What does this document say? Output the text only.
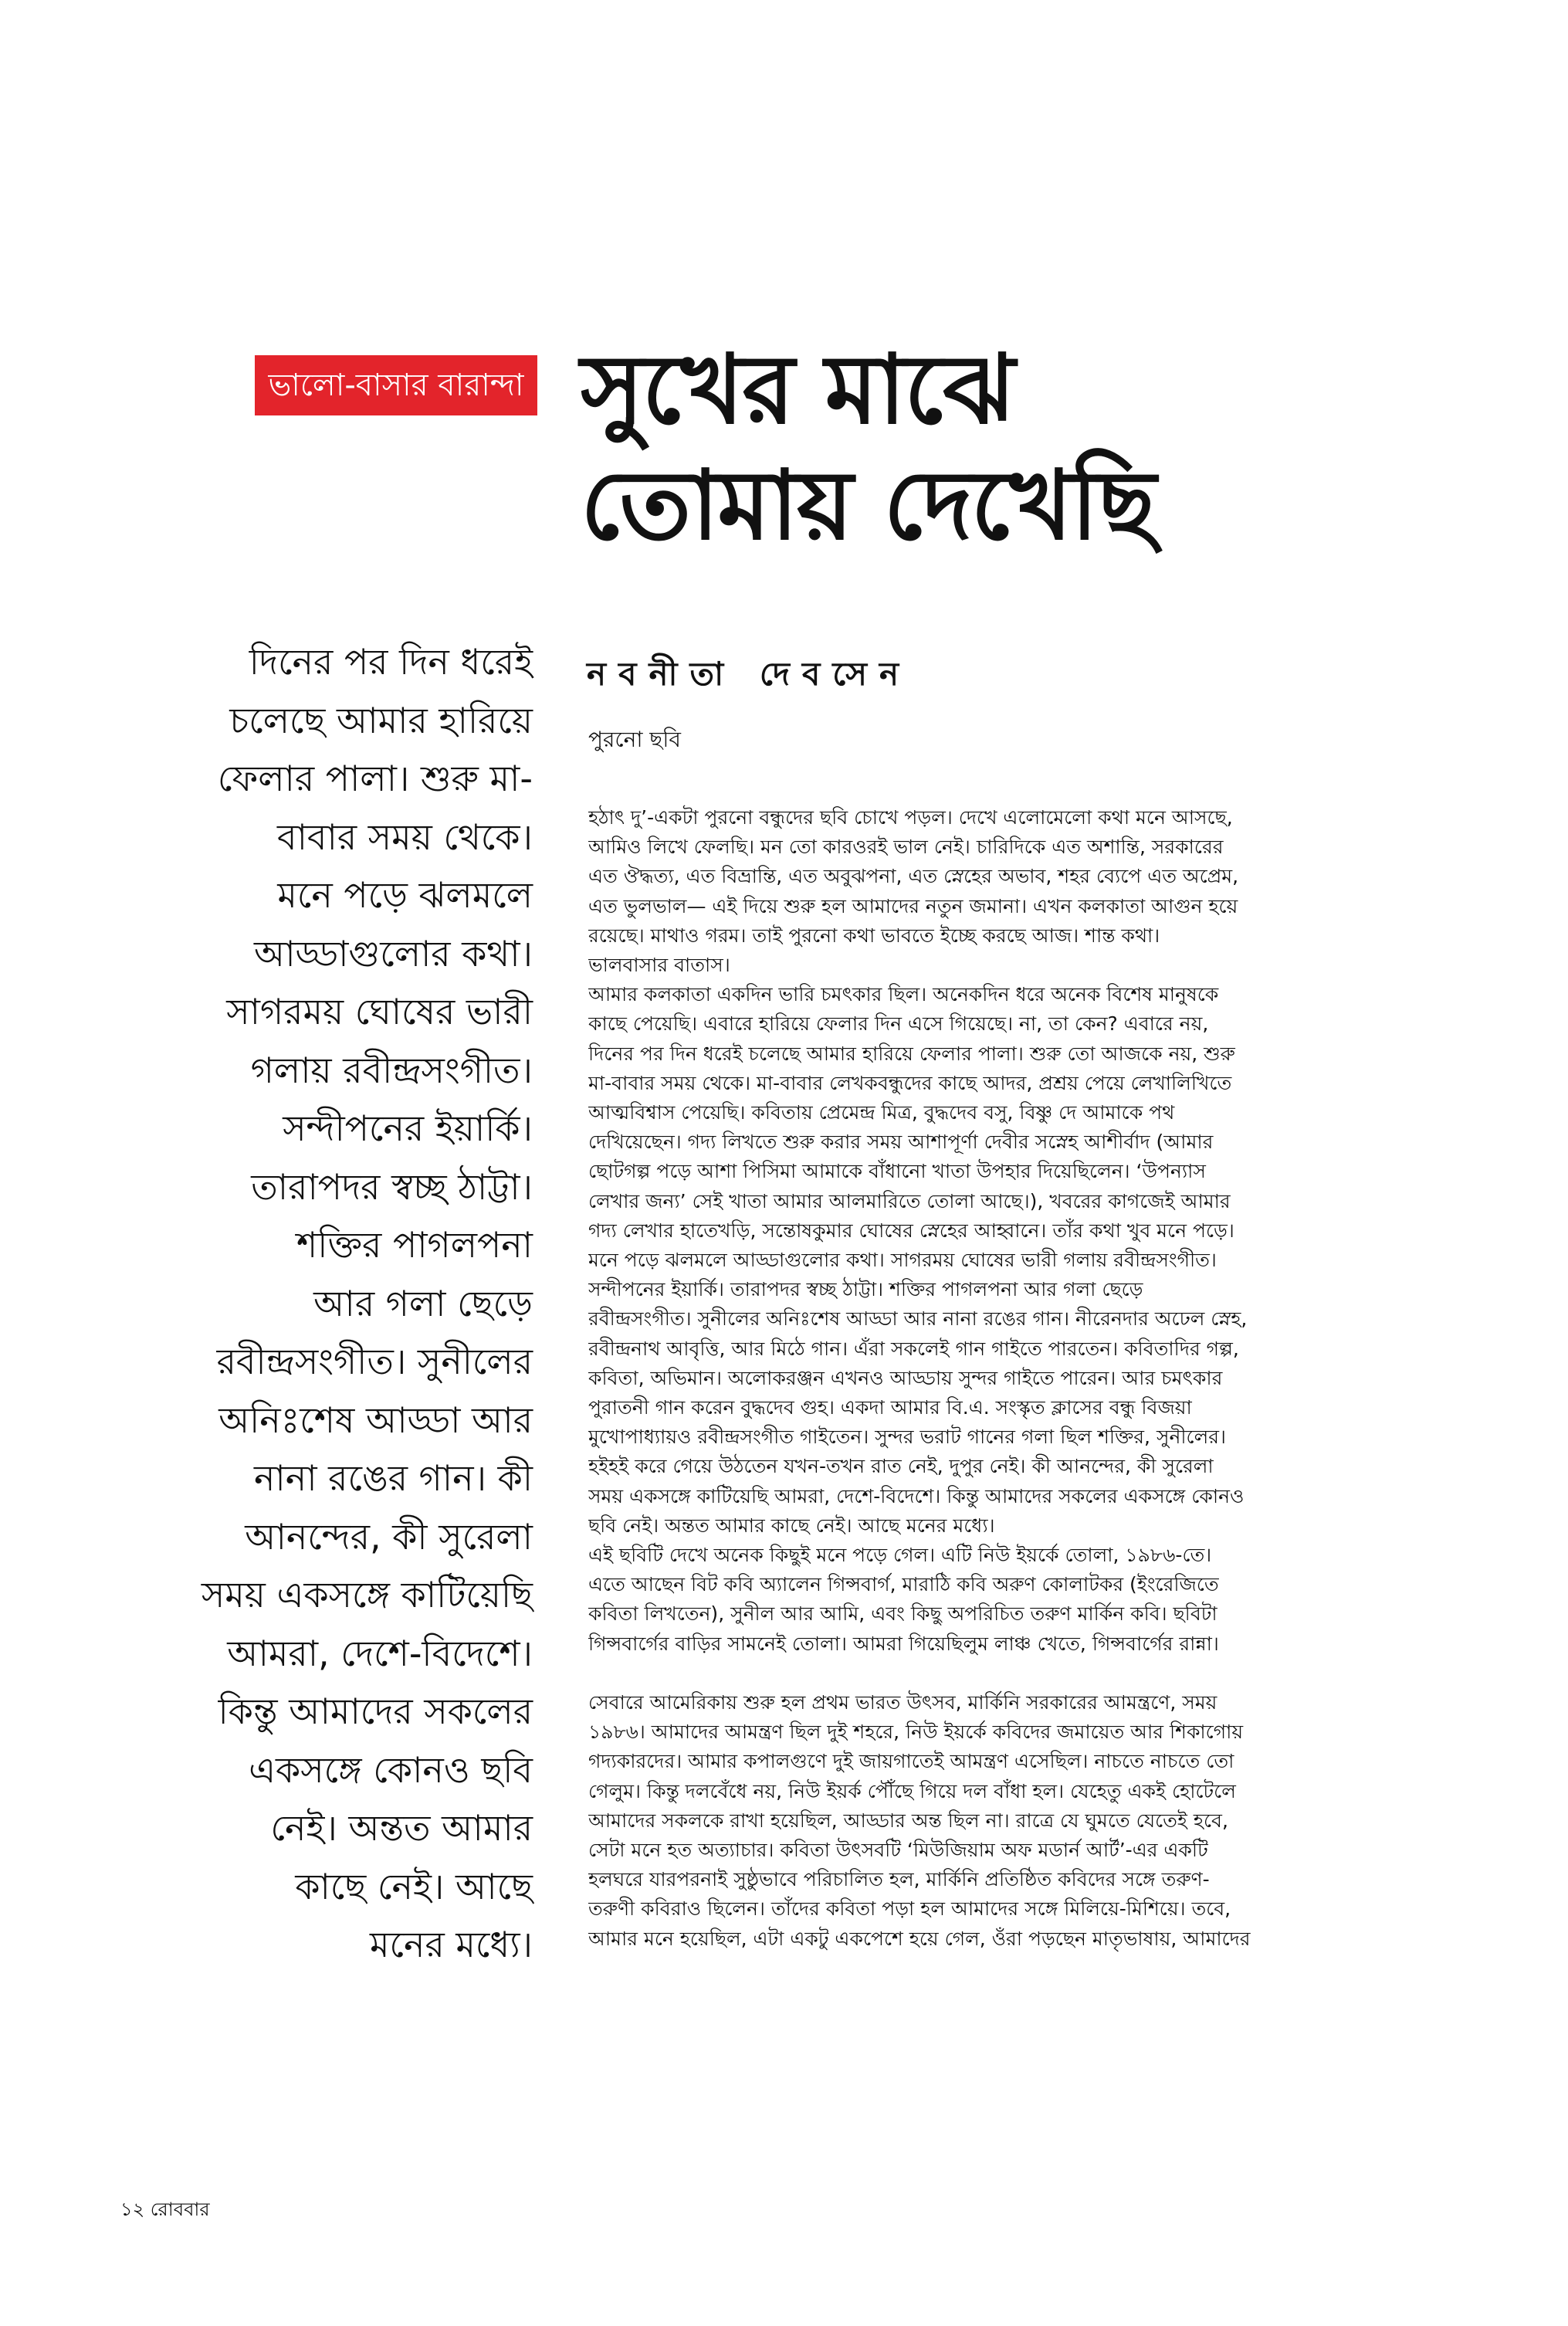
ভালো-বাসার বারান্দা সুখের মাঝে
তোমায় দেখেছি
দিনের পর দিন ধরেই
চলেছে আমার হারিয়ে
ফেলার পালা। শুরু মা-
বাবার সময় থেকে।
মনে পড়ে ঝলমলে
আড্ডাগুলোর কথা।
সাগরময় ঘোষের ভারী
গলায় রবীন্দ্রসংগীত।
সন্দীপনের ইয়ার্কি।
তারাপদর স্বচ্ছ ঠাট্টা।
শক্তির পাগলপনা
আর গলা ছেড়ে
রবীন্দ্রসংগীত। সুনীলের
অনিঃশেষ আড্ডা আর
নানা রঙের গান। কী
আনন্দের, কী সুরেলা
সময় একসঙ্গে কাটিয়েছি
আমরা, দেশে-বিদেশে।
কিন্তু আমাদের সকলের
একসঙ্গে কোনও ছবি
নেই। অন্তত আমার
কাছে নেই। আছে
মনের মধ্যে।
নবনীতা দেবসেন
পুরনো ছবি
হঠাৎ দু’-একটা পুরনো বন্ধুদের ছবি চোখে পড়ল। দেখে এলোমেলো কথা মনে আসছে,
আমিও লিখে ফেলছি। মন তো কারওরই ভাল নেই। চারিদিকে এত অশান্তি, সরকারের
এত ঔদ্ধত্য, এত বিভ্রান্তি, এত অবুঝপনা, এত স্নেহের অভাব, শহর ব্যেপে এত অপ্রেম,
এত ভুলভাল— এই দিয়ে শুরু হল আমাদের নতুন জমানা। এখন কলকাতা আগুন হয়ে
রয়েছে। মাথাও গরম। তাই পুরনো কথা ভাবতে ইচ্ছে করছে আজ। শান্ত কথা।
ভালবাসার বাতাস।
আমার কলকাতা একদিন ভারি চমৎকার ছিল। অনেকদিন ধরে অনেক বিশেষ মানুষকে
কাছে পেয়েছি। এবারে হারিয়ে ফেলার দিন এসে গিয়েছে। না, তা কেন? এবারে নয়,
দিনের পর দিন ধরেই চলেছে আমার হারিয়ে ফেলার পালা। শুরু তো আজকে নয়, শুরু
মা-বাবার সময় থেকে। মা-বাবার লেখকবন্ধুদের কাছে আদর, প্রশ্রয় পেয়ে লেখালিখিতে
আত্মবিশ্বাস পেয়েছি। কবিতায় প্রেমেন্দ্র মিত্র, বুদ্ধদেব বসু, বিষ্ণু দে আমাকে পথ
দেখিয়েছেন। গদ্য লিখতে শুরু করার সময় আশাপূর্ণা দেবীর সস্নেহ আশীর্বাদ (আমার
ছোটগল্প পড়ে আশা পিসিমা আমাকে বাঁধানো খাতা উপহার দিয়েছিলেন। ‘উপন্যাস
লেখার জন্য’ সেই খাতা আমার আলমারিতে তোলা আছে।), খবরের কাগজেই আমার
গদ্য লেখার হাতেখড়ি, সন্তোষকুমার ঘোষের স্নেহের আহ্বানে। তাঁর কথা খুব মনে পড়ে।
মনে পড়ে ঝলমলে আড্ডাগুলোর কথা। সাগরময় ঘোষের ভারী গলায় রবীন্দ্রসংগীত।
সন্দীপনের ইয়ার্কি। তারাপদর স্বচ্ছ ঠাট্টা। শক্তির পাগলপনা আর গলা ছেড়ে
রবীন্দ্রসংগীত। সুনীলের অনিঃশেষ আড্ডা আর নানা রঙের গান। নীরেনদার অঢেল স্নেহ,
রবীন্দ্রনাথ আবৃত্তি, আর মিঠে গান। এঁরা সকলেই গান গাইতে পারতেন। কবিতাদির গল্প,
কবিতা, অভিমান। অলোকরঞ্জন এখনও আড্ডায় সুন্দর গাইতে পারেন। আর চমৎকার
পুরাতনী গান করেন বুদ্ধদেব গুহ। একদা আমার বি.এ. সংস্কৃত ক্লাসের বন্ধু বিজয়া
মুখোপাধ্যায়ও রবীন্দ্রসংগীত গাইতেন। সুন্দর ভরাট গানের গলা ছিল শক্তির, সুনীলের।
হইহই করে গেয়ে উঠতেন যখন-তখন রাত নেই, দুপুর নেই। কী আনন্দের, কী সুরেলা
সময় একসঙ্গে কাটিয়েছি আমরা, দেশে-বিদেশে। কিন্তু আমাদের সকলের একসঙ্গে কোনও
ছবি নেই। অন্তত আমার কাছে নেই। আছে মনের মধ্যে।
এই ছবিটি দেখে অনেক কিছুই মনে পড়ে গেল। এটি নিউ ইয়র্কে তোলা, ১৯৮৬-তে।
এতে আছেন বিট কবি অ্যালেন গিন্সবার্গ, মারাঠি কবি অরুণ কোলাটকর (ইংরেজিতে
কবিতা লিখতেন), সুনীল আর আমি, এবং কিছু অপরিচিত তরুণ মার্কিন কবি। ছবিটা
গিন্সবার্গের বাড়ির সামনেই তোলা। আমরা গিয়েছিলুম লাঞ্চ খেতে, গিন্সবার্গের রান্না।
সেবারে আমেরিকায় শুরু হল প্রথম ভারত উৎসব, মার্কিনি সরকারের আমন্ত্রণে, সময়
১৯৮৬। আমাদের আমন্ত্রণ ছিল দুই শহরে, নিউ ইয়র্কে কবিদের জমায়েত আর শিকাগোয়
গদ্যকারদের। আমার কপালগুণে দুই জায়গাতেই আমন্ত্রণ এসেছিল। নাচতে নাচতে তো
গেলুম। কিন্তু দলবেঁধে নয়, নিউ ইয়র্ক পৌঁছে গিয়ে দল বাঁধা হল। যেহেতু একই হোটেলে
আমাদের সকলকে রাখা হয়েছিল, আড্ডার অন্ত ছিল না। রাত্রে যে ঘুমতে যেতেই হবে,
সেটা মনে হত অত্যাচার। কবিতা উৎসবটি ‘মিউজিয়াম অফ মডার্ন আর্ট’-এর একটি
হলঘরে যারপরনাই সুষ্ঠুভাবে পরিচালিত হল, মার্কিনি প্রতিষ্ঠিত কবিদের সঙ্গে তরুণ-
তরুণী কবিরাও ছিলেন। তাঁদের কবিতা পড়া হল আমাদের সঙ্গে মিলিয়ে-মিশিয়ে। তবে,
আমার মনে হয়েছিল, এটা একটু একপেশে হয়ে গেল, ওঁরা পড়ছেন মাতৃভাষায়, আমাদের
১২ রোববার
